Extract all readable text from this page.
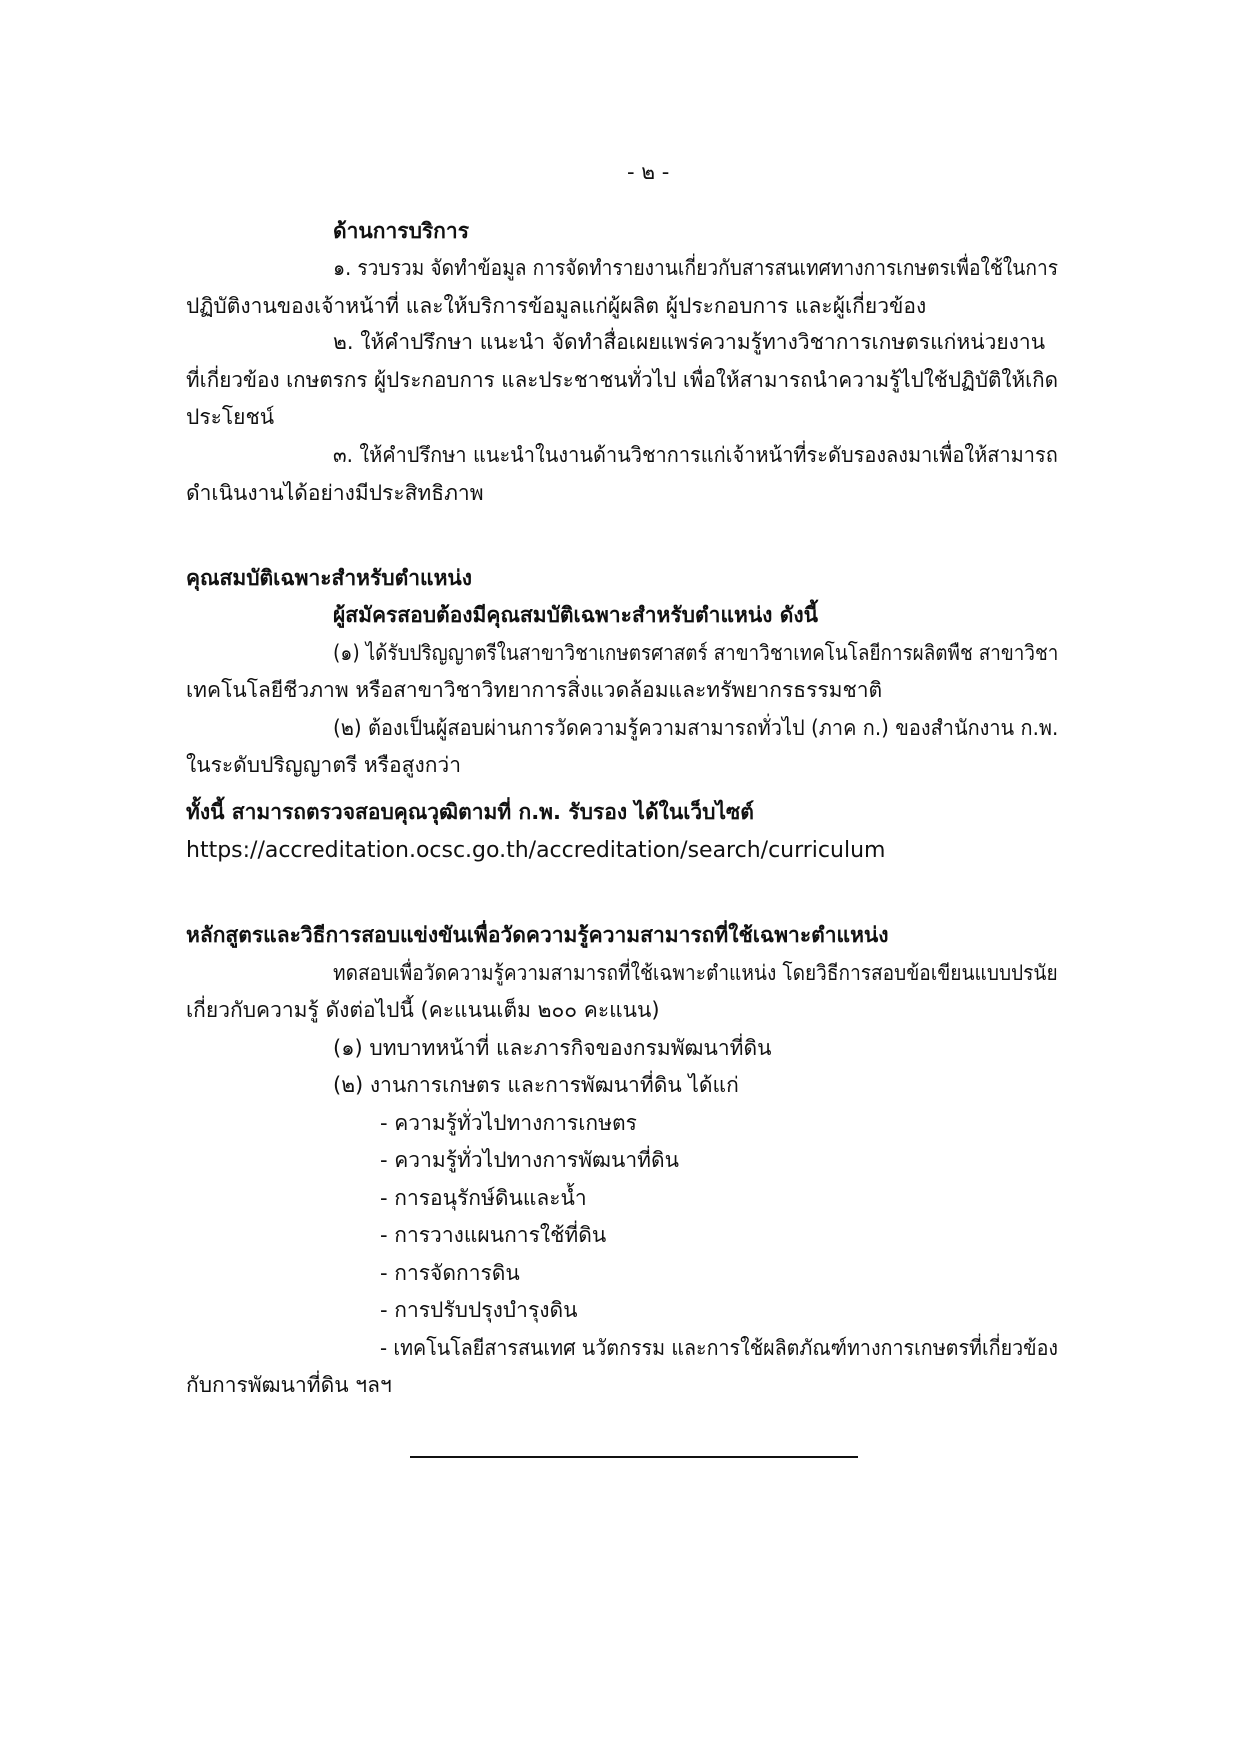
- ๒ -
ด้านการบริการ
๑. รวบรวม จัดทำข้อมูล การจัดทำรายงานเกี่ยวกับสารสนเทศทางการเกษตรเพื่อใช้ในการ
ปฏิบัติงานของเจ้าหน้าที่ และให้บริการข้อมูลแก่ผู้ผลิต ผู้ประกอบการ และผู้เกี่ยวข้อง
๒. ให้คำปรึกษา แนะนำ จัดทำสื่อเผยแพร่ความรู้ทางวิชาการเกษตรแก่หน่วยงาน
ที่เกี่ยวข้อง เกษตรกร ผู้ประกอบการ และประชาชนทั่วไป เพื่อให้สามารถนำความรู้ไปใช้ปฏิบัติให้เกิด
ประโยชน์
๓. ให้คำปรึกษา แนะนำในงานด้านวิชาการแก่เจ้าหน้าที่ระดับรองลงมาเพื่อให้สามารถ
ดำเนินงานได้อย่างมีประสิทธิภาพ
คุณสมบัติเฉพาะสำหรับตำแหน่ง
ผู้สมัครสอบต้องมีคุณสมบัติเฉพาะสำหรับตำแหน่ง ดังนี้
(๑) ได้รับปริญญาตรีในสาขาวิชาเกษตรศาสตร์ สาขาวิชาเทคโนโลยีการผลิตพืช สาขาวิชา
เทคโนโลยีชีวภาพ หรือสาขาวิชาวิทยาการสิ่งแวดล้อมและทรัพยากรธรรมชาติ
(๒) ต้องเป็นผู้สอบผ่านการวัดความรู้ความสามารถทั่วไป (ภาค ก.) ของสำนักงาน ก.พ.
ในระดับปริญญาตรี หรือสูงกว่า
ทั้งนี้ สามารถตรวจสอบคุณวุฒิตามที่ ก.พ. รับรอง ได้ในเว็บไซต์
https://accreditation.ocsc.go.th/accreditation/search/curriculum
หลักสูตรและวิธีการสอบแข่งขันเพื่อวัดความรู้ความสามารถที่ใช้เฉพาะตำแหน่ง
ทดสอบเพื่อวัดความรู้ความสามารถที่ใช้เฉพาะตำแหน่ง โดยวิธีการสอบข้อเขียนแบบปรนัย
เกี่ยวกับความรู้ ดังต่อไปนี้ (คะแนนเต็ม ๒๐๐ คะแนน)
(๑) บทบาทหน้าที่ และภารกิจของกรมพัฒนาที่ดิน
(๒) งานการเกษตร และการพัฒนาที่ดิน ได้แก่
- ความรู้ทั่วไปทางการเกษตร
- ความรู้ทั่วไปทางการพัฒนาที่ดิน
- การอนุรักษ์ดินและน้ำ
- การวางแผนการใช้ที่ดิน
- การจัดการดิน
- การปรับปรุงบำรุงดิน
- เทคโนโลยีสารสนเทศ นวัตกรรม และการใช้ผลิตภัณฑ์ทางการเกษตรที่เกี่ยวข้อง
กับการพัฒนาที่ดิน ฯลฯ
